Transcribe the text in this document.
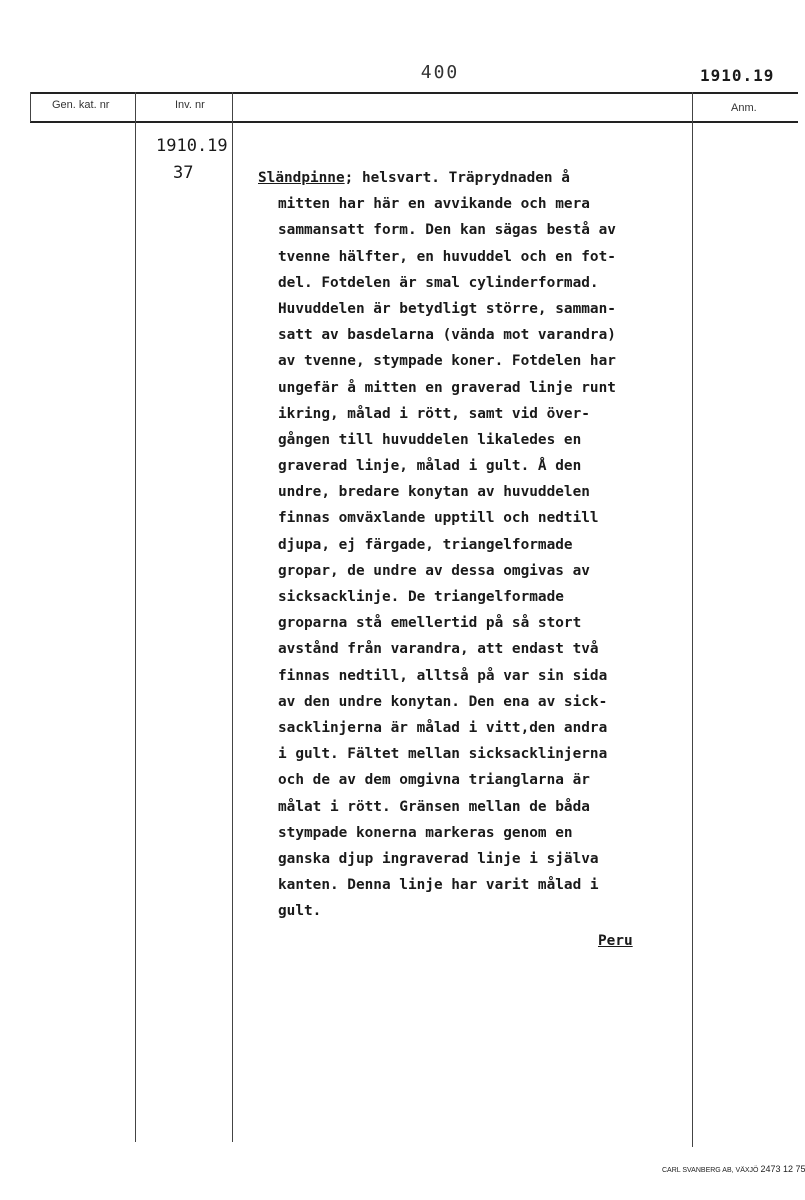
400	1910.19
Gen. kat. nr	Inv. nr	Anm.
1910.19
37	Sländpinne; helsvart. Träprydnaden å
mitten har här en avvikande och mera
sammansatt form. Den kan sägas bestå av
tvenne hälfter, en huvuddel och en fot-
del. Fotdelen är smal cylinderformad.
Huvuddelen är betydligt större, samman-
satt av basdelarna (vända mot varandra)
av tvenne, stympade koner. Fotdelen har
ungefär å mitten en graverad linje runt
ikring, målad i rött, samt vid över-
gången till huvuddelen likaledes en
graverad linje, målad i gult. Å den
undre, bredare konytan av huvuddelen
finnas omväxlande upptill och nedtill
djupa, ej färgade, triangelformade
gropar, de undre av dessa omgivas av
sicksacklinje. De triangelformade
groparna stå emellertid på så stort
avstånd från varandra, att endast två
finnas nedtill, alltså på var sin sida
av den undre konytan. Den ena av sick-
sacklinjerna är målad i vitt,den andra
i gult. Fältet mellan sicksacklinjerna
och de av dem omgivna trianglarna är
målat i rött. Gränsen mellan de båda
stympade konerna markeras genom en
ganska djup ingraverad linje i själva
kanten. Denna linje har varit målad i
gult.
Peru
CARL SVANBERG AB, VÄXJÖ 2473 12 75
